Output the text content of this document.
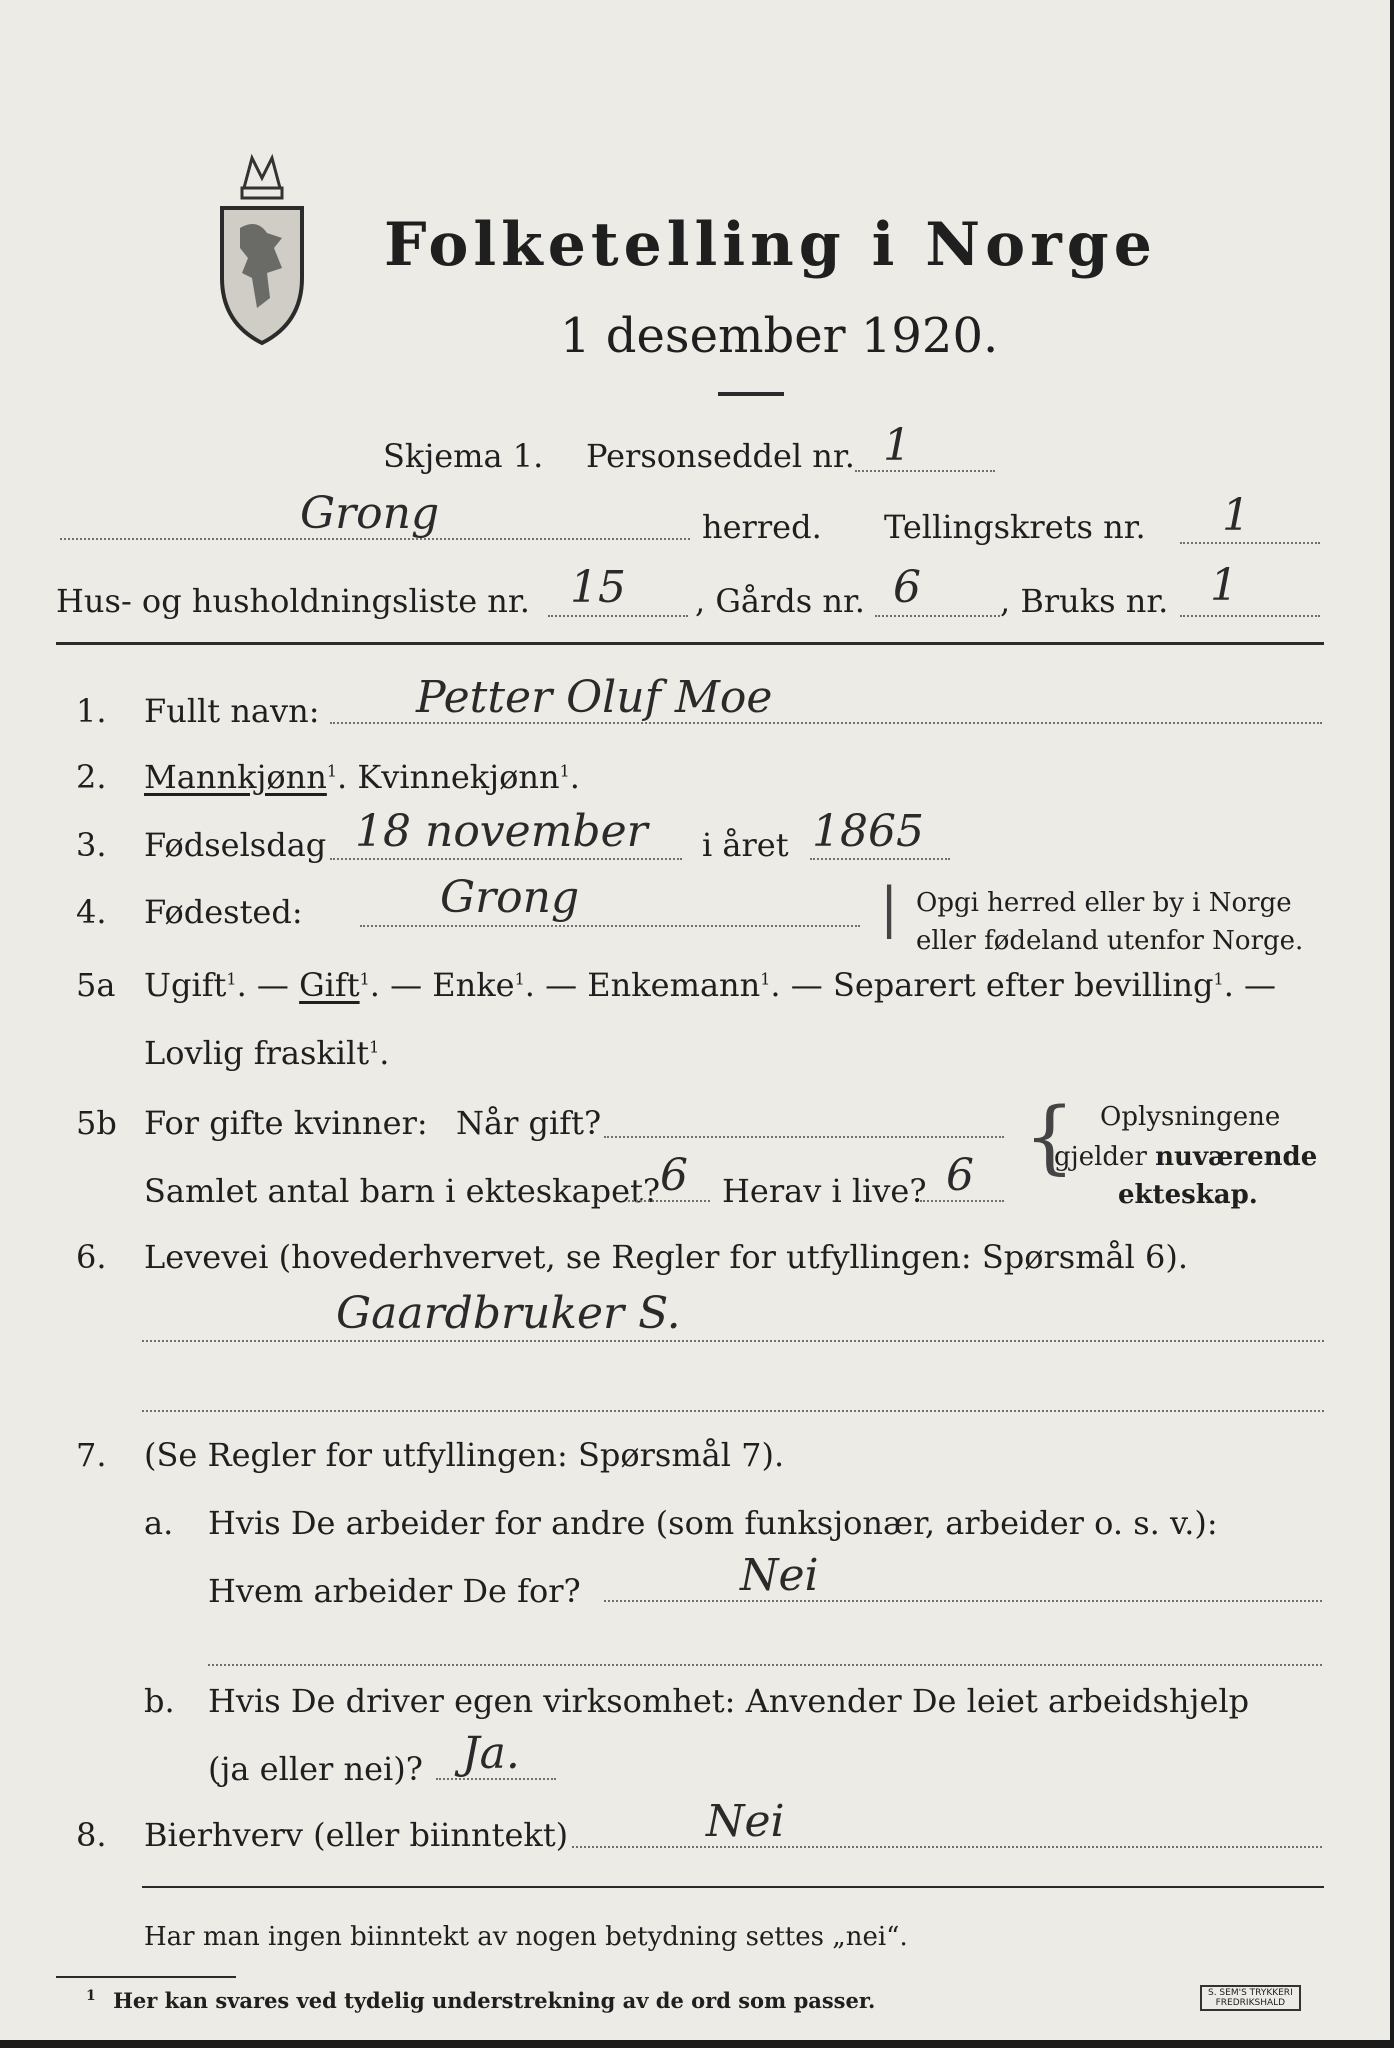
Folketelling i Norge
1 desember 1920.
Skjema 1. Personseddel nr. 1
Grong	herred. Tellingskrets nr. 1
Hus- og husholdningsliste nr. 15 , Gårds nr. 6 , Bruks nr. 1
1. Fullt navn: Petter Oluf Moe
2. Mannkjønn$^1$. Kvinnekjønn$^1$.
3. Fødselsdag 18 november i året 1865
4. Fødested:	Grong	| Opgi herred eller by i Norge
eller fødeland utenfor Norge.
5a Ugift$^1$. — Gift$^1$. — Enke$^1$. — Enkemann$^1$. — Separert efter bevilling$^1$. —
Lovlig fraskilt$^1$.
5b For gifte kvinner: Når gift?
Samlet antal barn i ekteskapet? 6 Herav i live? 6 { Oplysningene
gjelder nuværende
ekteskap.
6. Levevei (hovederhvervet, se Regler for utfyllingen: Spørsmål 6).
Gaardbruker S.
7. (Se Regler for utfyllingen: Spørsmål 7).
a. Hvis De arbeider for andre (som funksjonær, arbeider o. s. v.):
Hvem arbeider De for?	Nei
b. Hvis De driver egen virksomhet: Anvender De leiet arbeidshjelp
(ja eller nei)? Ja.
8. Bierhverv (eller biinntekt)	Nei
Har man ingen biinntekt av nogen betydning settes „nei“.
$^1$ Her kan svares ved tydelig understrekning av de ord som passer.	S. SEM'S TRYKKERI
FREDRIKSHALD
